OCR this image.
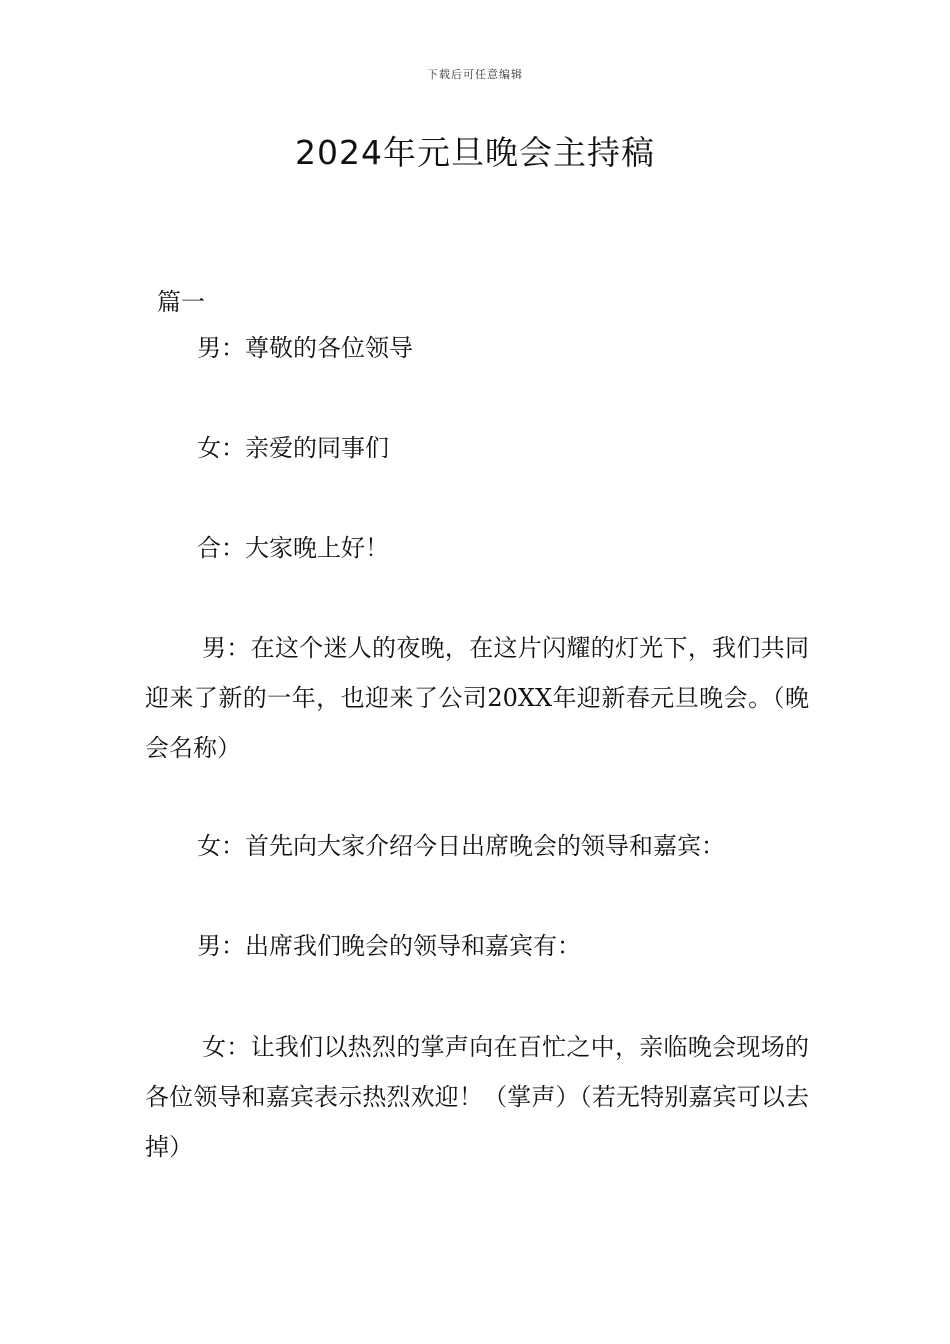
下载后可任意编辑
2024年元旦晚会主持稿
篇一

男：尊敬的各位领导

女：亲爱的同事们

合：大家晚上好！

男：在这个迷人的夜晚，在这片闪耀的灯光下，我们共同迎来了新的一年，也迎来了公司20XX年迎新春元旦晚会。（晚会名称）

女：首先向大家介绍今日出席晚会的领导和嘉宾：

男：出席我们晚会的领导和嘉宾有：

女：让我们以热烈的掌声向在百忙之中，亲临晚会现场的各位领导和嘉宾表示热烈欢迎！（掌声）（若无特别嘉宾可以去掉）
